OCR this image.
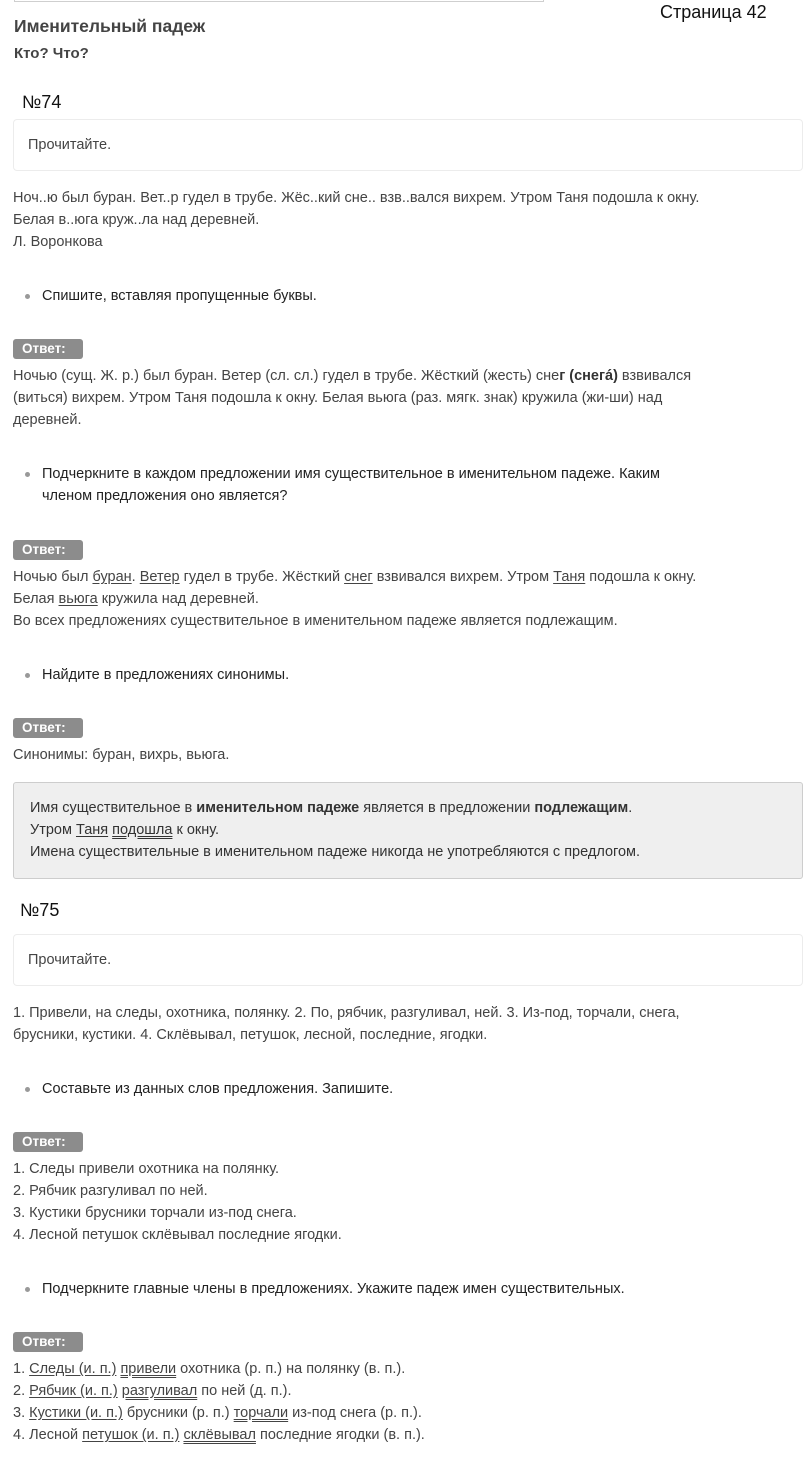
Страница 42
Именительный падеж
Кто? Что?
№74
Прочитайте.
Ноч..ю был буран. Вет..р гудел в трубе. Жёс..кий сне.. взв..вался вихрем. Утром Таня подошла к окну.
Белая в..юга круж..ла над деревней.
Л. Воронкова
Спишите, вставляя пропущенные буквы.
Ответ:
Ночью (сущ. Ж. р.) был буран. Ветер (сл. сл.) гудел в трубе. Жёсткий (жесть) снег (снегá) взвивался
(виться) вихрем. Утром Таня подошла к окну. Белая вьюга (раз. мягк. знак) кружила (жи-ши) над
деревней.
Подчеркните в каждом предложении имя существительное в именительном падеже. Каким
членом предложения оно является?
Ответ:
Ночью был буран. Ветер гудел в трубе. Жёсткий снег взвивался вихрем. Утром Таня подошла к окну.
Белая вьюга кружила над деревней.
Во всех предложениях существительное в именительном падеже является подлежащим.
Найдите в предложениях синонимы.
Ответ:
Синонимы: буран, вихрь, вьюга.
Имя существительное в именительном падеже является в предложении подлежащим.
Утром Таня подошла к окну.
Имена существительные в именительном падеже никогда не употребляются с предлогом.
№75
Прочитайте.
1. Привели, на следы, охотника, полянку. 2. По, рябчик, разгуливал, ней. 3. Из-под, торчали, снега,
брусники, кустики. 4. Склёвывал, петушок, лесной, последние, ягодки.
Составьте из данных слов предложения. Запишите.
Ответ:
1. Следы привели охотника на полянку.
2. Рябчик разгуливал по ней.
3. Кустики брусники торчали из-под снега.
4. Лесной петушок склёвывал последние ягодки.
Подчеркните главные члены в предложениях. Укажите падеж имен существительных.
Ответ:
1. Следы (и. п.) привели охотника (р. п.) на полянку (в. п.).
2. Рябчик (и. п.) разгуливал по ней (д. п.).
3. Кустики (и. п.) брусники (р. п.) торчали из-под снега (р. п.).
4. Лесной петушок (и. п.) склёвывал последние ягодки (в. п.).
